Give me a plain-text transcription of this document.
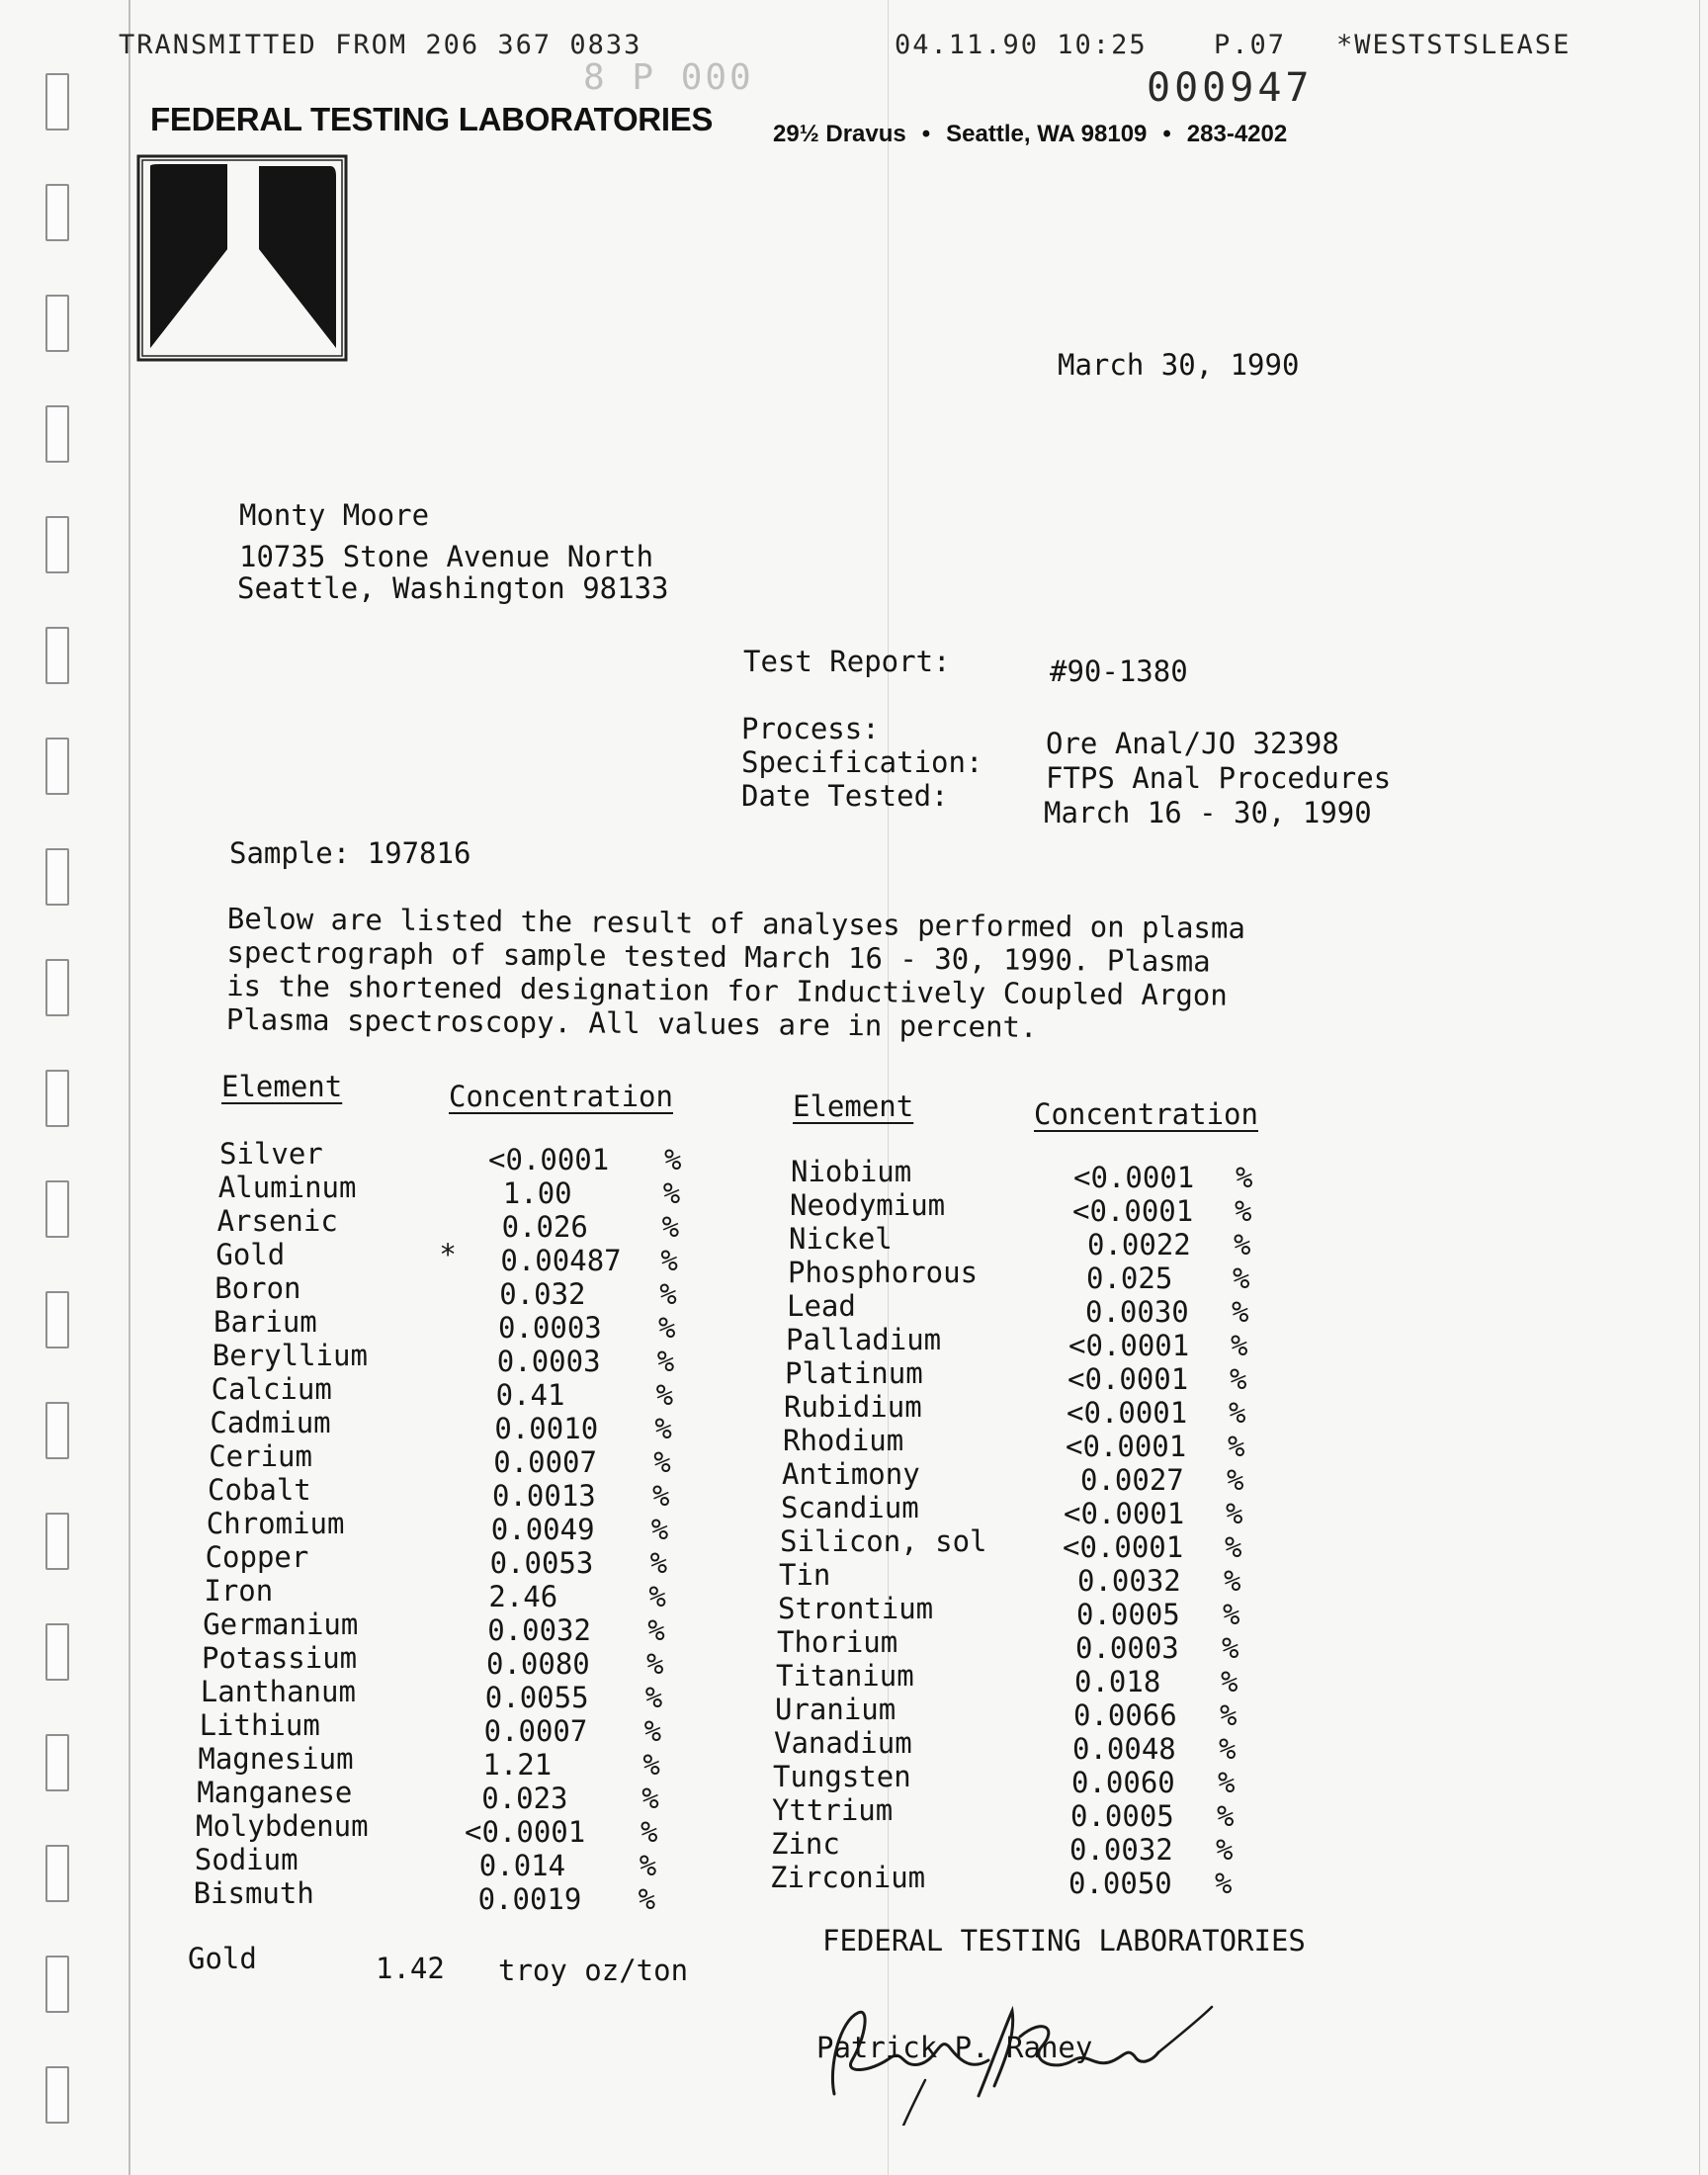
TRANSMITTED FROM 206 367 0833	04.11.90 10:25 P.07 *WESTSTSLEASE
8 P 000	000947
FEDERAL TESTING LABORATORIES	29½ Dravus • Seattle, WA 98109 • 283-4202
March 30, 1990
Monty Moore
10735 Stone Avenue North
Seattle, Washington 98133
Test Report:	#90-1380
Process:	Ore Anal/JO 32398
Specification: FTPS Anal Procedures
Date Tested:	March 16 - 30, 1990
Sample: 197816
Below are listed the result of analyses performed on plasma
spectrograph of sample tested March 16 - 30, 1990. Plasma
is the shortened designation for Inductively Coupled Argon
Plasma spectroscopy. All values are in percent.
Element	Concentration	Element	Concentration
Silver	<0.0001 %
Aluminum	1.00	%
Arsenic	0.026	%
Gold	* 0.00487 %
Boron	0.032	%
Barium	0.0003 %
Beryllium	0.0003 %
Calcium	0.41	%
Cadmium	0.0010 %
Cerium	0.0007 %
Cobalt	0.0013 %
Chromium	0.0049 %
Copper	0.0053 %
Iron	2.46	%
Germanium	0.0032 %
Potassium	0.0080 %
Lanthanum	0.0055 %
Lithium	0.0007 %
Magnesium	1.21	%
Manganese	0.023	%
Molybdenum	<0.0001 %
Sodium	0.014	%
Bismuth	0.0019 %
Niobium	<0.0001 %
Neodymium	<0.0001 %
Nickel	0.0022 %
Phosphorous	0.025 %
Lead	0.0030 %
Palladium	<0.0001 %
Platinum	<0.0001 %
Rubidium	<0.0001 %
Rhodium	<0.0001 %
Antimony	0.0027 %
Scandium	<0.0001 %
Silicon, sol	<0.0001 %
Tin	0.0032 %
Strontium	0.0005 %
Thorium	0.0003 %
Titanium	0.018 %
Uranium	0.0066 %
Vanadium	0.0048 %
Tungsten	0.0060 %
Yttrium	0.0005 %
Zinc	0.0032 %
Zirconium	0.0050 %
Gold	1.42 troy oz/ton
FEDERAL TESTING LABORATORIES
Patrick P. Raney
